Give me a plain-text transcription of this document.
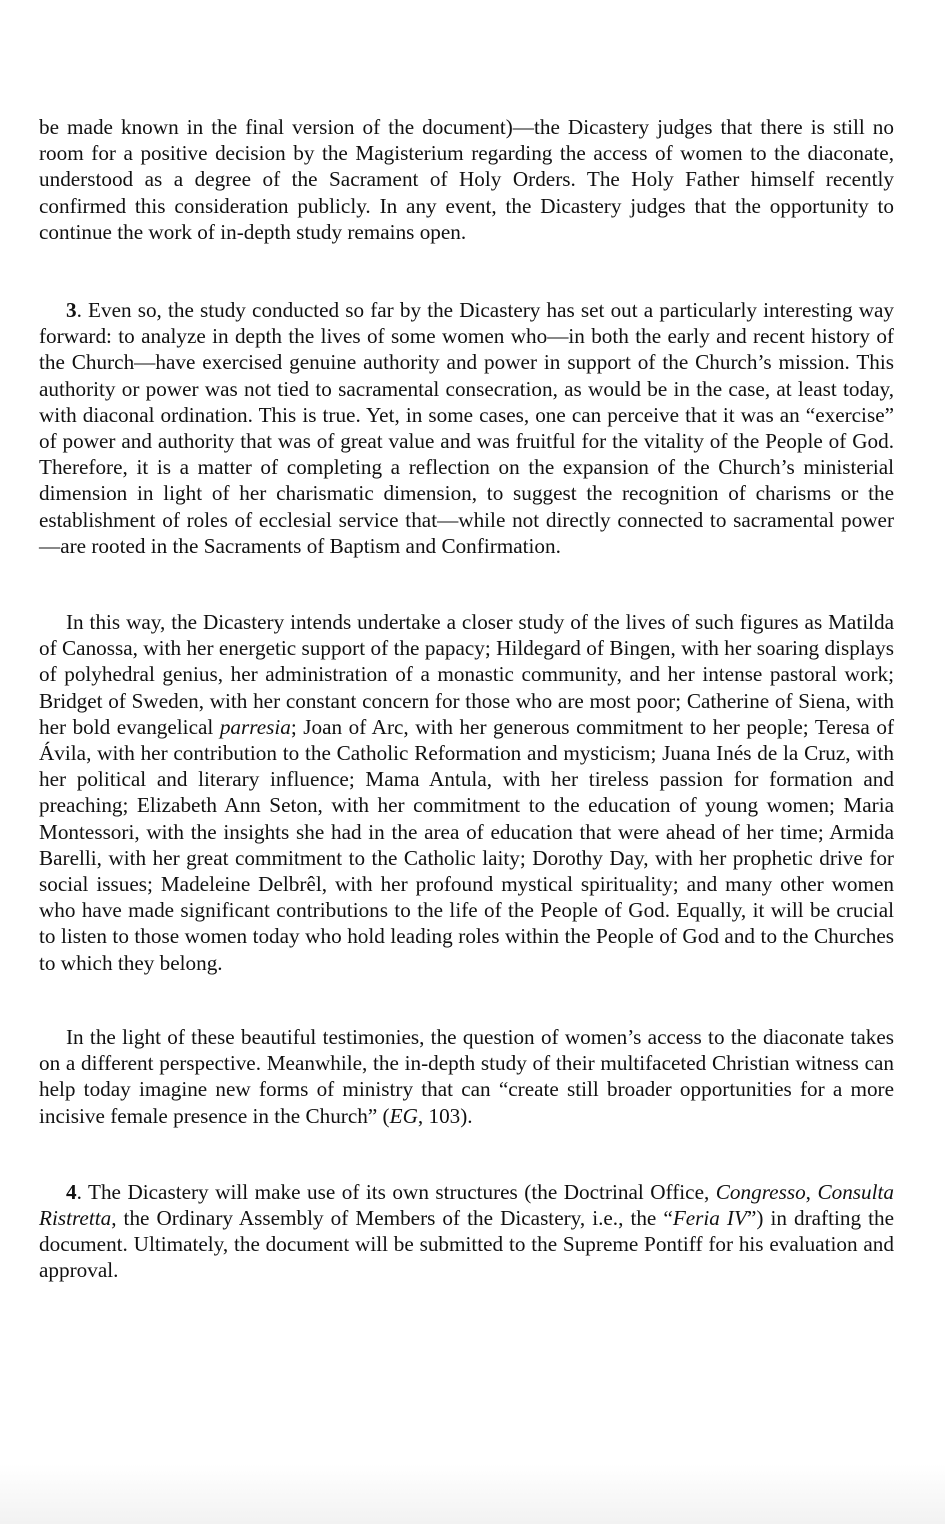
be made known in the final version of the document)—the Dicastery judges that there is still no room for a positive decision by the Magisterium regarding the access of women to the diaconate, understood as a degree of the Sacrament of Holy Orders. The Holy Father himself recently confirmed this consideration publicly. In any event, the Dicastery judges that the opportunity to continue the work of in-depth study remains open.

3. Even so, the study conducted so far by the Dicastery has set out a particularly interesting way forward: to analyze in depth the lives of some women who—in both the early and recent history of the Church—have exercised genuine authority and power in support of the Church’s mission. This authority or power was not tied to sacramental consecration, as would be in the case, at least today, with diaconal ordination. This is true. Yet, in some cases, one can perceive that it was an “exercise” of power and authority that was of great value and was fruitful for the vitality of the People of God. Therefore, it is a matter of completing a reflection on the expansion of the Church’s ministerial dimension in light of her charismatic dimension, to suggest the recognition of charisms or the establishment of roles of ecclesial service that—while not directly connected to sacramental power—are rooted in the Sacraments of Baptism and Confirmation.

In this way, the Dicastery intends undertake a closer study of the lives of such figures as Matilda of Canossa, with her energetic support of the papacy; Hildegard of Bingen, with her soaring displays of polyhedral genius, her administration of a monastic community, and her intense pastoral work; Bridget of Sweden, with her constant concern for those who are most poor; Catherine of Siena, with her bold evangelical parresia; Joan of Arc, with her generous commitment to her people; Teresa of Ávila, with her contribution to the Catholic Reformation and mysticism; Juana Inés de la Cruz, with her political and literary influence; Mama Antula, with her tireless passion for formation and preaching; Elizabeth Ann Seton, with her commitment to the education of young women; Maria Montessori, with the insights she had in the area of education that were ahead of her time; Armida Barelli, with her great commitment to the Catholic laity; Dorothy Day, with her prophetic drive for social issues; Madeleine Delbrêl, with her profound mystical spirituality; and many other women who have made significant contributions to the life of the People of God. Equally, it will be crucial to listen to those women today who hold leading roles within the People of God and to the Churches to which they belong.

In the light of these beautiful testimonies, the question of women’s access to the diaconate takes on a different perspective. Meanwhile, the in-depth study of their multifaceted Christian witness can help today imagine new forms of ministry that can “create still broader opportunities for a more incisive female presence in the Church” (EG, 103).

4. The Dicastery will make use of its own structures (the Doctrinal Office, Congresso, Consulta Ristretta, the Ordinary Assembly of Members of the Dicastery, i.e., the “Feria IV”) in drafting the document. Ultimately, the document will be submitted to the Supreme Pontiff for his evaluation and approval.
